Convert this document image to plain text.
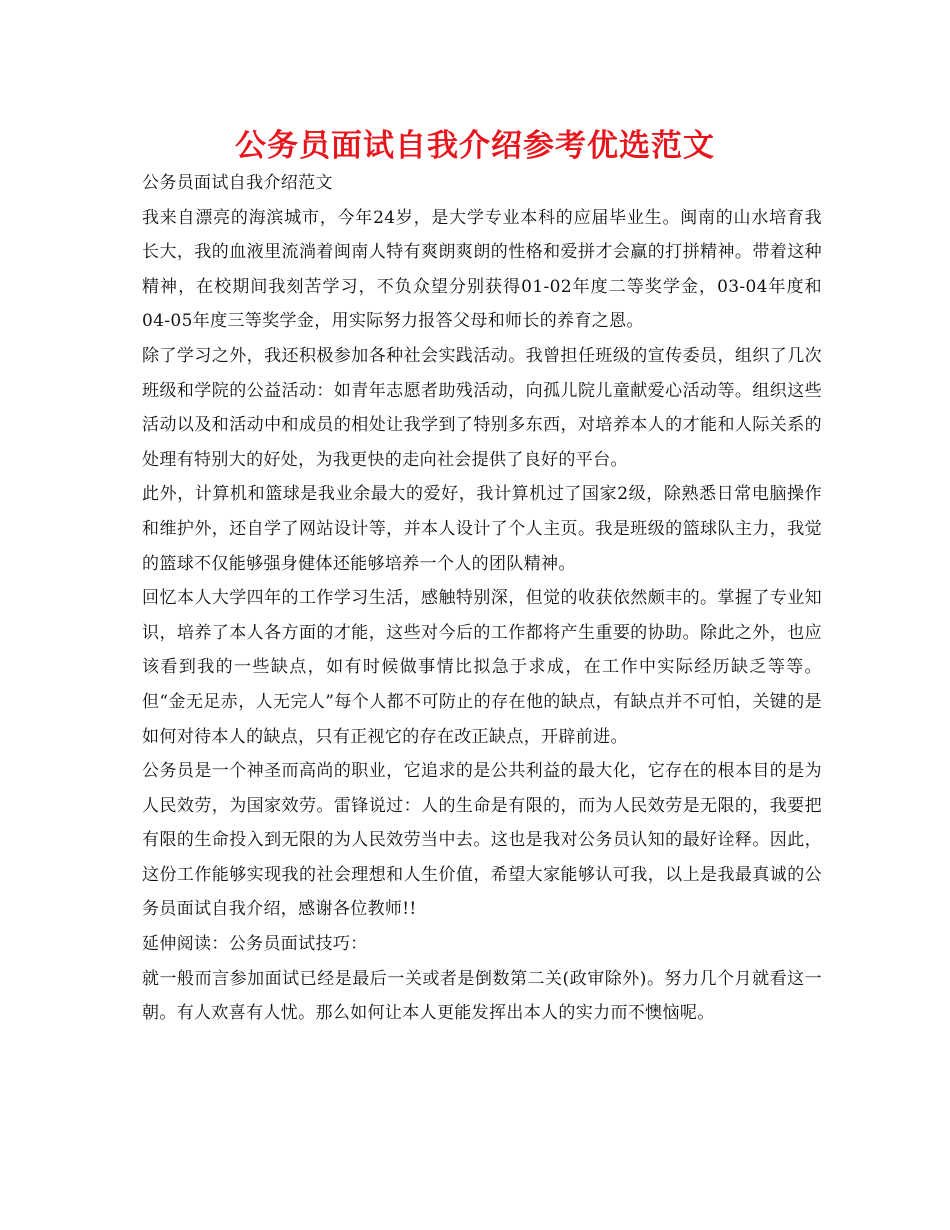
公务员面试自我介绍参考优选范文

公务员面试自我介绍范文

我来自漂亮的海滨城市，今年24岁，是大学专业本科的应届毕业生。闽南的山水培育我长大，我的血液里流淌着闽南人特有爽朗爽朗的性格和爱拼才会赢的打拼精神。带着这种精神，在校期间我刻苦学习，不负众望分别获得01-02年度二等奖学金，03-04年度和04-05年度三等奖学金，用实际努力报答父母和师长的养育之恩。

除了学习之外，我还积极参加各种社会实践活动。我曾担任班级的宣传委员，组织了几次班级和学院的公益活动：如青年志愿者助残活动，向孤儿院儿童献爱心活动等。组织这些活动以及和活动中和成员的相处让我学到了特别多东西，对培养本人的才能和人际关系的处理有特别大的好处，为我更快的走向社会提供了良好的平台。

此外，计算机和篮球是我业余最大的爱好，我计算机过了国家2级，除熟悉日常电脑操作和维护外，还自学了网站设计等，并本人设计了个人主页。我是班级的篮球队主力，我觉的篮球不仅能够强身健体还能够培养一个人的团队精神。

回忆本人大学四年的工作学习生活，感触特别深，但觉的收获依然颇丰的。掌握了专业知识，培养了本人各方面的才能，这些对今后的工作都将产生重要的协助。除此之外，也应该看到我的一些缺点，如有时候做事情比拟急于求成，在工作中实际经历缺乏等等。但“金无足赤，人无完人”每个人都不可防止的存在他的缺点，有缺点并不可怕，关键的是如何对待本人的缺点，只有正视它的存在改正缺点，开辟前进。

公务员是一个神圣而高尚的职业，它追求的是公共利益的最大化，它存在的根本目的是为人民效劳，为国家效劳。雷锋说过：人的生命是有限的，而为人民效劳是无限的，我要把有限的生命投入到无限的为人民效劳当中去。这也是我对公务员认知的最好诠释。因此，这份工作能够实现我的社会理想和人生价值，希望大家能够认可我，以上是我最真诚的公务员面试自我介绍，感谢各位教师!!

延伸阅读：公务员面试技巧：

就一般而言参加面试已经是最后一关或者是倒数第二关(政审除外)。努力几个月就看这一朝。有人欢喜有人忧。那么如何让本人更能发挥出本人的实力而不懊恼呢。
